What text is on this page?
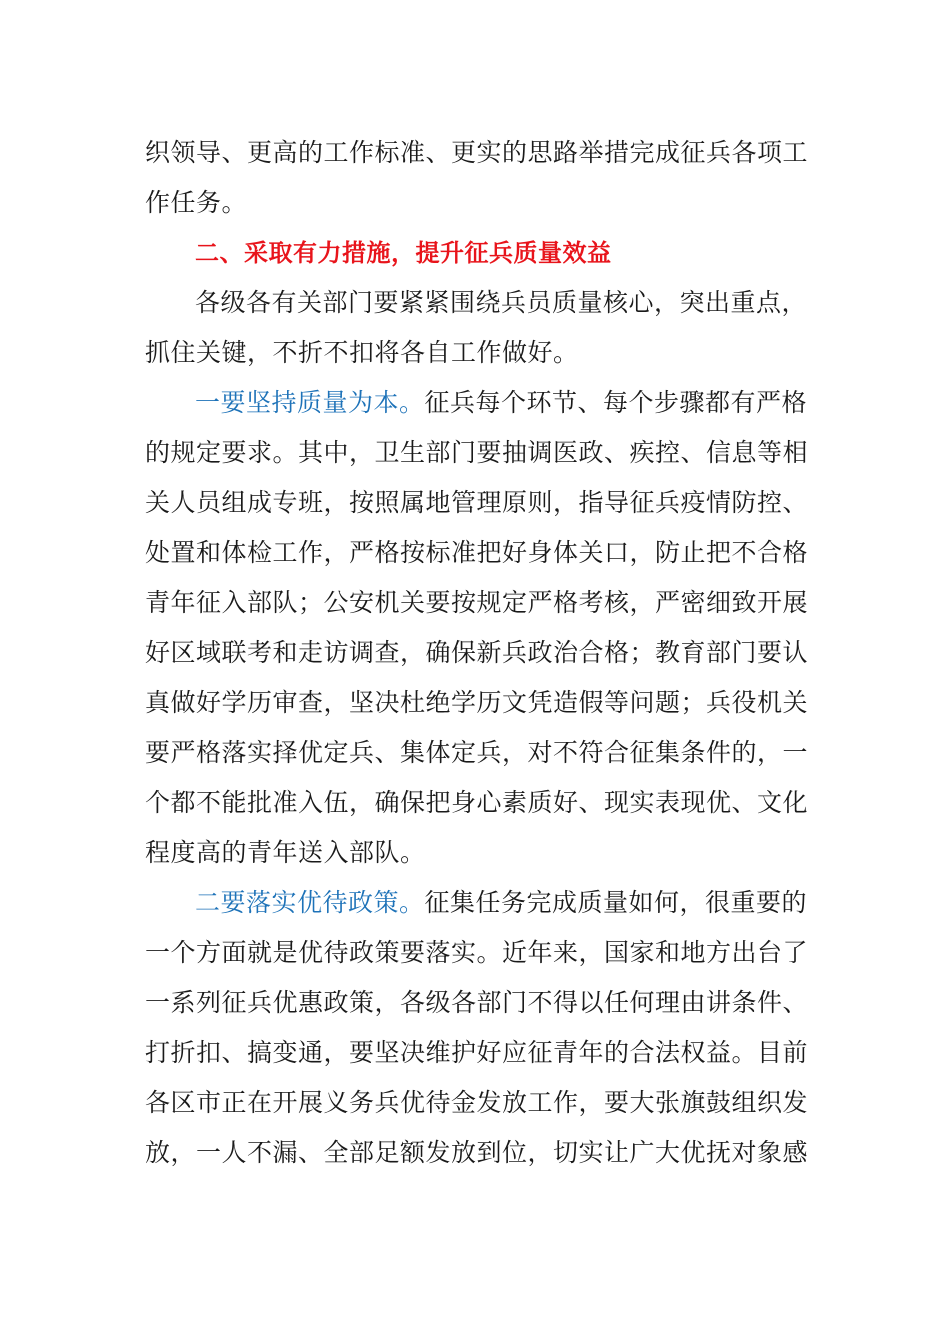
织领导、更高的工作标准、更实的思路举措完成征兵各项工
作任务。
二、采取有力措施，提升征兵质量效益
各级各有关部门要紧紧围绕兵员质量核心，突出重点，
抓住关键，不折不扣将各自工作做好。
一要坚持质量为本。征兵每个环节、每个步骤都有严格
的规定要求。其中，卫生部门要抽调医政、疾控、信息等相
关人员组成专班，按照属地管理原则，指导征兵疫情防控、
处置和体检工作，严格按标准把好身体关口，防止把不合格
青年征入部队；公安机关要按规定严格考核，严密细致开展
好区域联考和走访调查，确保新兵政治合格；教育部门要认
真做好学历审查，坚决杜绝学历文凭造假等问题；兵役机关
要严格落实择优定兵、集体定兵，对不符合征集条件的，一
个都不能批准入伍，确保把身心素质好、现实表现优、文化
程度高的青年送入部队。
二要落实优待政策。征集任务完成质量如何，很重要的
一个方面就是优待政策要落实。近年来，国家和地方出台了
一系列征兵优惠政策，各级各部门不得以任何理由讲条件、
打折扣、搞变通，要坚决维护好应征青年的合法权益。目前
各区市正在开展义务兵优待金发放工作，要大张旗鼓组织发
放，一人不漏、全部足额发放到位，切实让广大优抚对象感
